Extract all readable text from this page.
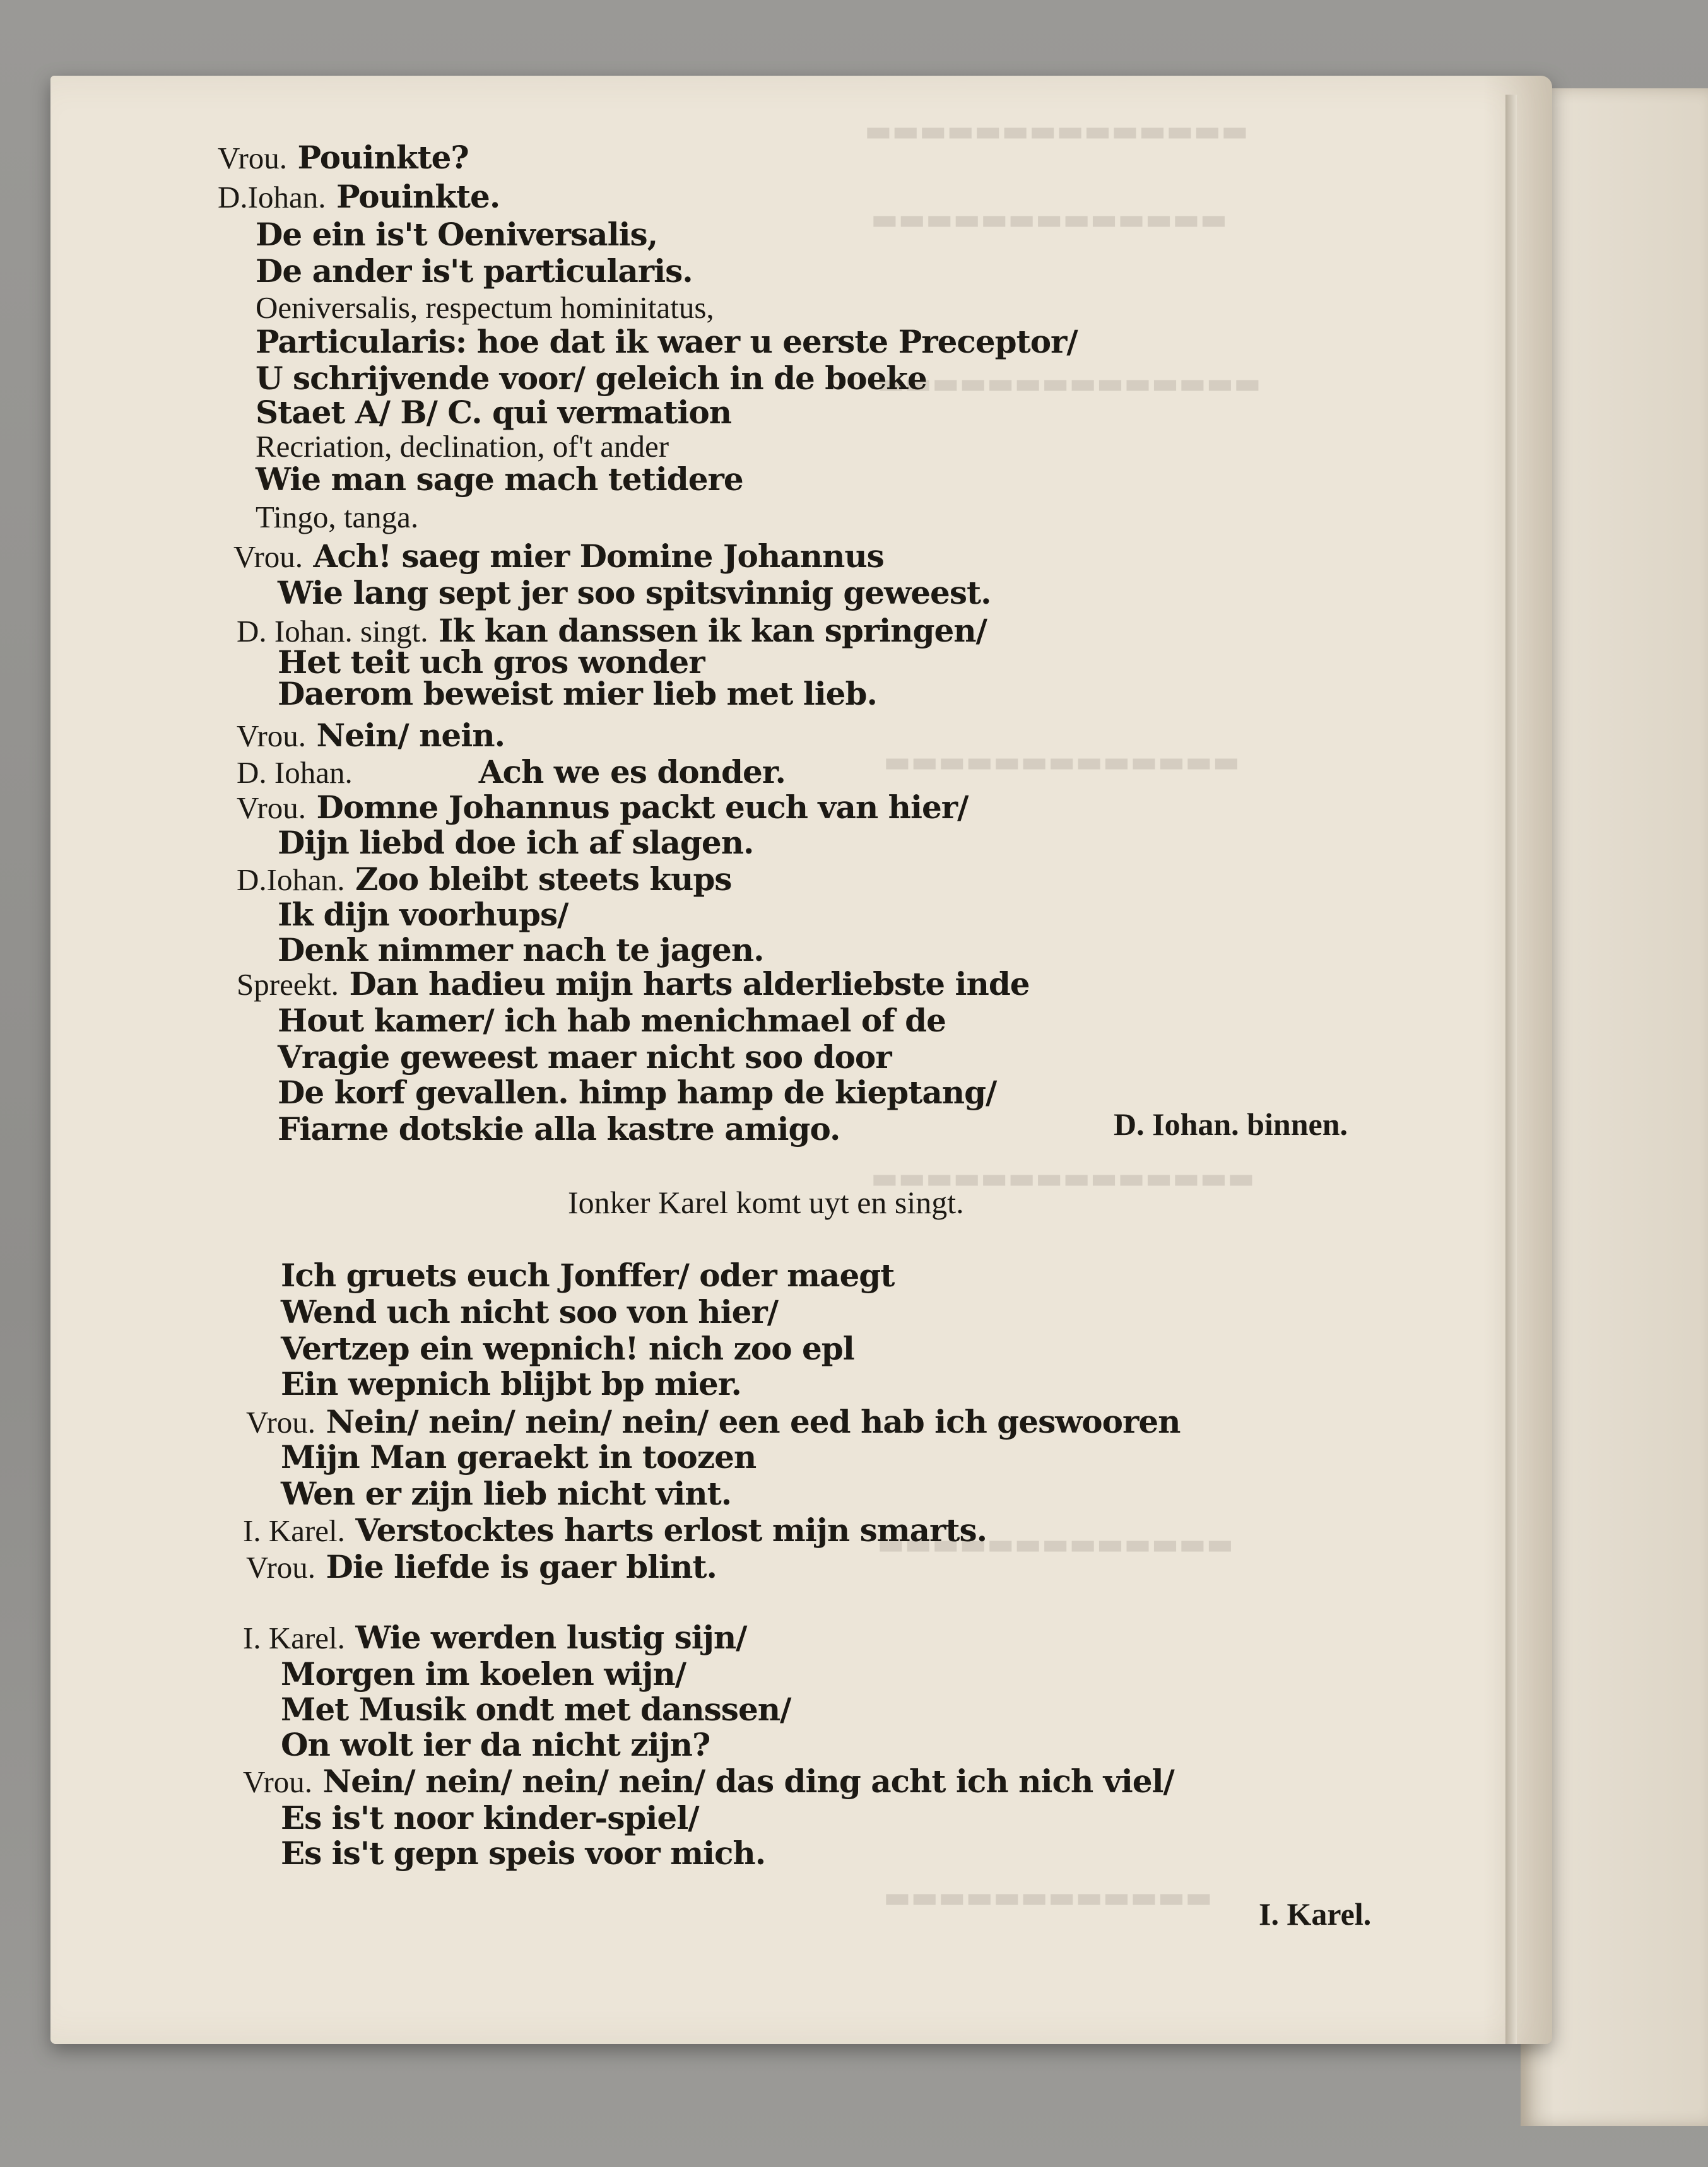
▬▬▬▬▬▬▬▬▬▬▬▬▬▬
▬▬▬▬▬▬▬▬▬▬▬▬▬
▬▬▬▬▬▬▬▬▬▬▬▬▬▬
▬▬▬▬▬▬▬▬▬▬▬▬▬
▬▬▬▬▬▬▬▬▬▬▬▬▬▬
▬▬▬▬▬▬▬▬▬▬▬▬▬
▬▬▬▬▬▬▬▬▬▬▬▬
Vrou. Pouinkte?
D.Iohan. Pouinkte.
De ein is't Oeniversalis,
De ander is't particularis.
Oeniversalis, respectum hominitatus,
Particularis: hoe dat ik waer u eerste Preceptor/
U schrijvende voor/ geleich in de boeke
Staet A/ B/ C. qui vermation
Recriation, declination, of't ander
Wie man sage mach tetidere
Tingo, tanga.
Vrou. Ach! saeg mier Domine Johannus
Wie lang sept jer soo spitsvinnig geweest.
D. Iohan. singt. Ik kan danssen ik kan springen/
Het teit uch gros wonder
Daerom beweist mier lieb met lieb.
Vrou. Nein/ nein.
D. Iohan.	Ach we es donder.
Vrou. Domne Johannus packt euch van hier/
Dijn liebd doe ich af slagen.
D.Iohan. Zoo bleibt steets kups
Ik dijn voorhups/
Denk nimmer nach te jagen.
Spreekt. Dan hadieu mijn harts alderliebste inde
Hout kamer/ ich hab menichmael of de
Vragie geweest maer nicht soo door
De korf gevallen. himp hamp de kieptang/
Fiarne dotskie alla kastre amigo.	D. Iohan. binnen.
Ionker Karel komt uyt en singt.
Ich gruets euch Jonffer/ oder maegt
Wend uch nicht soo von hier/
Vertzep ein wepnich! nich zoo epl
Ein wepnich blijbt bp mier.
Vrou. Nein/ nein/ nein/ nein/ een eed hab ich geswooren
Mijn Man geraekt in toozen
Wen er zijn lieb nicht vint.
I. Karel. Verstocktes harts erlost mijn smarts.
Vrou. Die liefde is gaer blint.
I. Karel. Wie werden lustig sijn/
Morgen im koelen wijn/
Met Musik ondt met danssen/
On wolt ier da nicht zijn?
Vrou. Nein/ nein/ nein/ nein/ das ding acht ich nich viel/
Es is't noor kinder-spiel/
Es is't gepn speis voor mich.
I. Karel.
